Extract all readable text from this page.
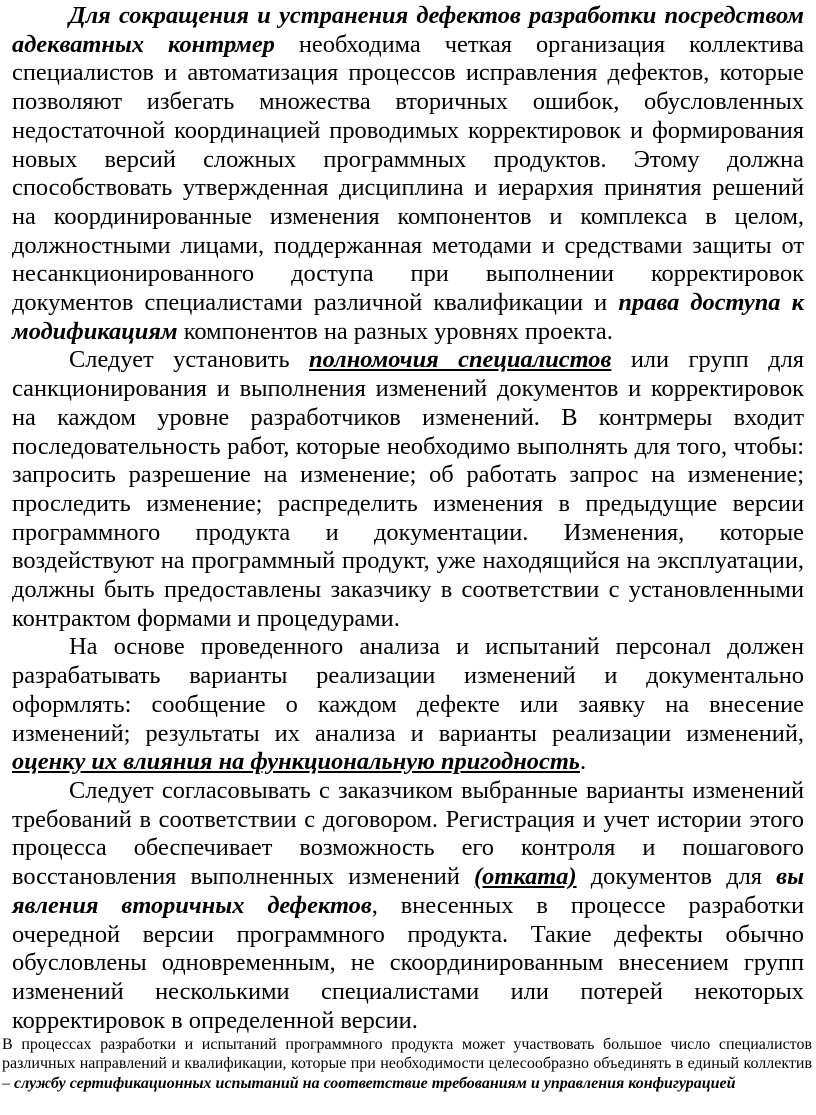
Для сокращения и устранения дефектов разработки посредством адекватных контрмер необходима четкая организация коллектива специалистов и автоматизация процессов исправления дефектов, которые позволяют избегать множества вторичных ошибок, обусловленных недостаточной координацией проводимых корректировок и формирования новых версий сложных программных продуктов. Этому должна способствовать утвержденная дисциплина и иерархия принятия решений на координированные изменения компонентов и комплекса в целом, должностными лицами, поддержанная методами и средствами защиты от несанкционированного доступа при выполнении корректировок документов специалистами различной квалификации и права доступа к модификациям компонентов на разных уровнях проекта.

Следует установить полномочия специалистов или групп для санкционирования и выполнения изменений документов и корректировок на каждом уровне разработчиков изменений. В контрмеры входит последовательность работ, которые необходимо выполнять для того, чтобы: запросить разрешение на изменение; об работать запрос на изменение; проследить изменение; распределить изменения в предыдущие версии программного продукта и документации. Изменения, которые воздействуют на программный продукт, уже находящийся на эксплуатации, должны быть предоставлены заказчику в соответствии с установленными контрактом формами и процедурами.

На основе проведенного анализа и испытаний персонал должен разрабатывать варианты реализации изменений и документально оформлять: сообщение о каждом дефекте или заявку на внесение изменений; результаты их анализа и варианты реализации изменений, оценку их влияния на функциональную пригодность.

Следует согласовывать с заказчиком выбранные варианты изменений требований в соответствии с договором. Регистрация и учет истории этого процесса обеспечивает возможность его контроля и пошагового восстановления выполненных изменений (отката) документов для вы явления вторичных дефектов, внесенных в процессе разработки очередной версии программного продукта. Такие дефекты обычно обусловлены одновременным, не скоординированным внесением групп изменений несколькими специалистами или потерей некоторых корректировок в определенной версии.

В процессах разработки и испытаний программного продукта может участвовать большое число специалистов различных направлений и квалификации, которые при необходимости целесообразно объединять в единый коллектив – службу сертификационных испытаний на соответствие требованиям и управления конфигурацией
